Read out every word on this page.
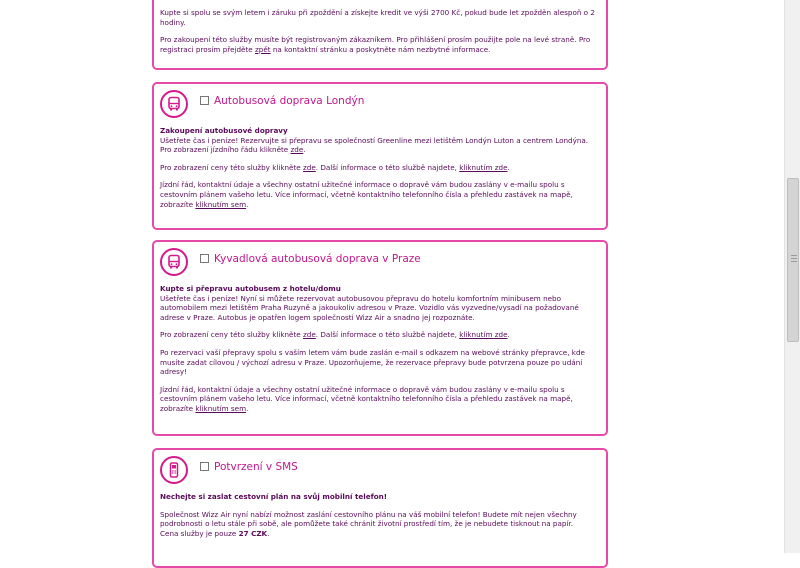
Kupte si spolu se svým letem i záruku při zpoždění a získejte kredit ve výši 2700 Kč, pokud bude let zpožděn alespoň o 2 hodiny.

Pro zakoupení této služby musíte být registrovaným zákazníkem. Pro přihlášení prosím použijte pole na levé straně. Pro registraci prosím přejděte zpět na kontaktní stránku a poskytněte nám nezbytné informace.

Autobusová doprava Londýn

Zakoupení autobusové dopravy

Ušetřete čas i peníze! Rezervujte si přepravu se společností Greenline mezi letištěm Londýn Luton a centrem Londýna. Pro zobrazení jízdního řádu klikněte zde.

Pro zobrazení ceny této služby klikněte zde. Další informace o této službě najdete, kliknutím zde.

Jízdní řád, kontaktní údaje a všechny ostatní užitečné informace o dopravě vám budou zaslány v e-mailu spolu s cestovním plánem vašeho letu. Více informací, včetně kontaktního telefonního čísla a přehledu zastávek na mapě, zobrazíte kliknutím sem.

Kyvadlová autobusová doprava v Praze

Kupte si přepravu autobusem z hotelu/domu

Ušetřete čas i peníze! Nyní si můžete rezervovat autobusovou přepravu do hotelu komfortním minibusem nebo automobilem mezi letištěm Praha Ruzyně a jakoukoliv adresou v Praze. Vozidlo vás vyzvedne/vysadí na požadované adrese v Praze. Autobus je opatřen logem společnosti Wizz Air a snadno jej rozpoznáte.

Pro zobrazení ceny této služby klikněte zde. Další informace o této službě najdete, kliknutím zde.

Po rezervaci vaší přepravy spolu s vaším letem vám bude zaslán e-mail s odkazem na webové stránky přepravce, kde musíte zadat cílovou / výchozí adresu v Praze. Upozorňujeme, že rezervace přepravy bude potvrzena pouze po udání adresy!

Jízdní řád, kontaktní údaje a všechny ostatní užitečné informace o dopravě vám budou zaslány v e-mailu spolu s cestovním plánem vašeho letu. Více informací, včetně kontaktního telefonního čísla a přehledu zastávek na mapě, zobrazíte kliknutím sem.

Potvrzení v SMS

Nechejte si zaslat cestovní plán na svůj mobilní telefon!

Společnost Wizz Air nyní nabízí možnost zaslání cestovního plánu na váš mobilní telefon! Budete mít nejen všechny podrobnosti o letu stále při sobě, ale pomůžete také chránit životní prostředí tím, že je nebudete tisknout na papír.

Cena služby je pouze 27 CZK.
